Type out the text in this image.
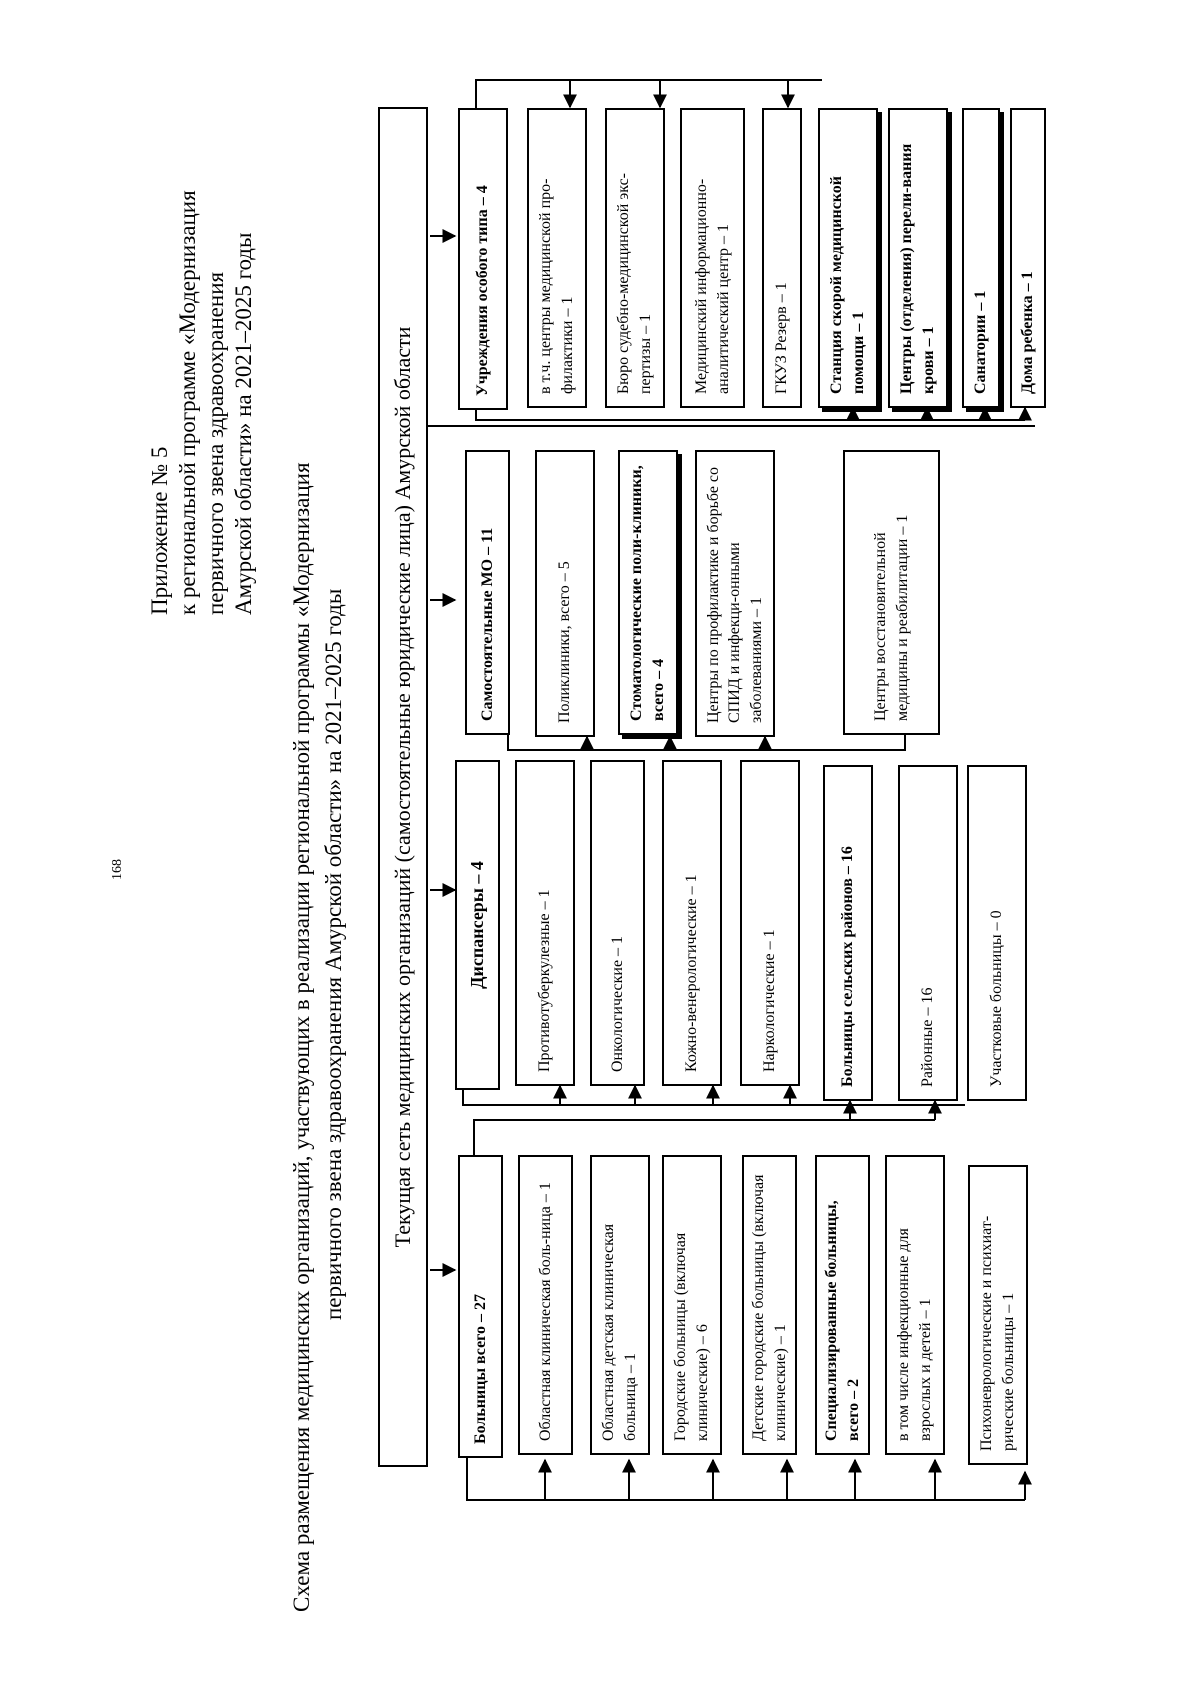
168
Приложение № 5 к региональной программе «Модернизация первичного звена здравоохранения Амурской области» на 2021–2025 годы
Схема размещения медицинских организаций, участвующих в реализации региональной программы «Модернизация первичного звена здравоохранения Амурской области» на 2021–2025 годы	Текущая сеть медицинских организаций (самостоятельные юридические лица) Амурской области
Больницы всего – 27	Областная клиническая боль-ница – 1	Областная детская клиническая больница – 1	Городские больницы (включая клинические) – 6	Детские городские больницы (включая клинические) – 1	Специализированные больницы, всего – 2	в том числе инфекционные для взрослых и детей – 1	Психоневрологические и психиат-рические больницы – 1
Диспансеры – 4	Противотуберкулезные – 1	Онкологические – 1	Кожно-венерологические – 1	Наркологические – 1	Больницы сельских районов – 16	Районные – 16	Участковые больницы – 0
Самостоятельные МО – 11	Поликлиники, всего – 5	Стоматологические поли-клиники, всего – 4	Центры по профилактике и борьбе со СПИД и инфекци-онными заболеваниями – 1	Центры восстановительной медицины и реабилитации – 1
Учреждения особого типа – 4	в т.ч. центры медицинской про-филактики – 1	Бюро судебно-медицинской экс-пертизы – 1	Медицинский информационно-аналитический центр – 1	ГКУЗ Резерв – 1	Станция скорой медицинской помощи – 1	Центры (отделения) перели-вания крови – 1	Санатории – 1	Дома ребенка – 1
